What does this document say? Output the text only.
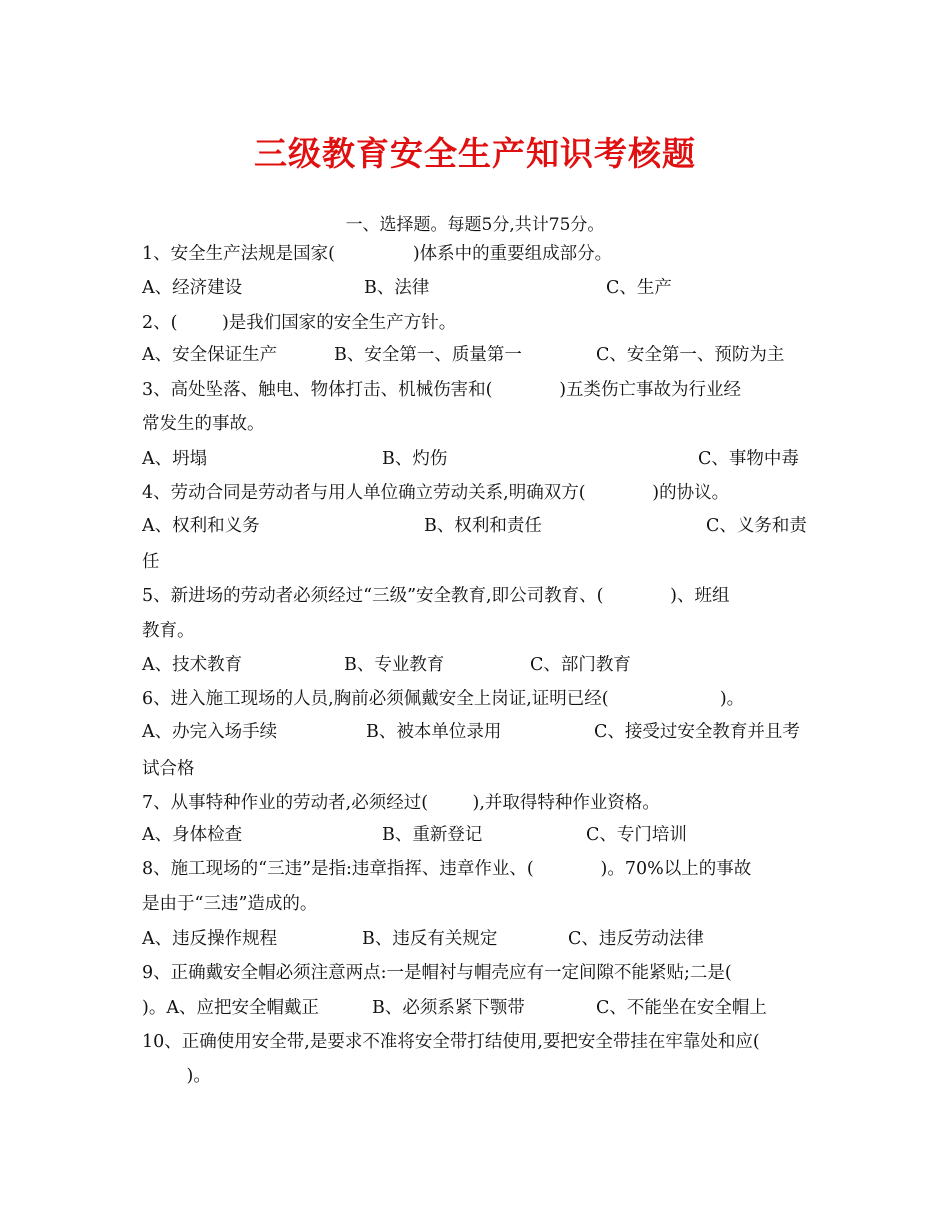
三级教育安全生产知识考核题
一、选择题。每题5分,共计75分。
1、安全生产法规是国家(              )体系中的重要组成部分。
A、经济建设	B、法律	C、生产
2、(        )是我们国家的安全生产方针。
A、安全保证生产	B、安全第一、质量第一	C、安全第一、预防为主
3、高处坠落、触电、物体打击、机械伤害和(            )五类伤亡事故为行业经
常发生的事故。
A、坍塌	B、灼伤	C、事物中毒
4、劳动合同是劳动者与用人单位确立劳动关系,明确双方(            )的协议。
A、权利和义务	B、权利和责任	C、义务和责
任
5、新进场的劳动者必须经过“三级”安全教育,即公司教育、(            )、班组
教育。
A、技术教育	B、专业教育	C、部门教育
6、进入施工现场的人员,胸前必须佩戴安全上岗证,证明已经(                    )。
A、办完入场手续	B、被本单位录用	C、接受过安全教育并且考
试合格
7、从事特种作业的劳动者,必须经过(        ),并取得特种作业资格。
A、身体检查	B、重新登记	C、专门培训
8、施工现场的“三违”是指:违章指挥、违章作业、(            )。70%以上的事故
是由于“三违”造成的。
A、违反操作规程	B、违反有关规定	C、违反劳动法律
9、正确戴安全帽必须注意两点:一是帽衬与帽壳应有一定间隙不能紧贴;二是(
)。A、应把安全帽戴正	B、必须系紧下颚带	C、不能坐在安全帽上
10、正确使用安全带,是要求不准将安全带打结使用,要把安全带挂在牢靠处和应(
)。
